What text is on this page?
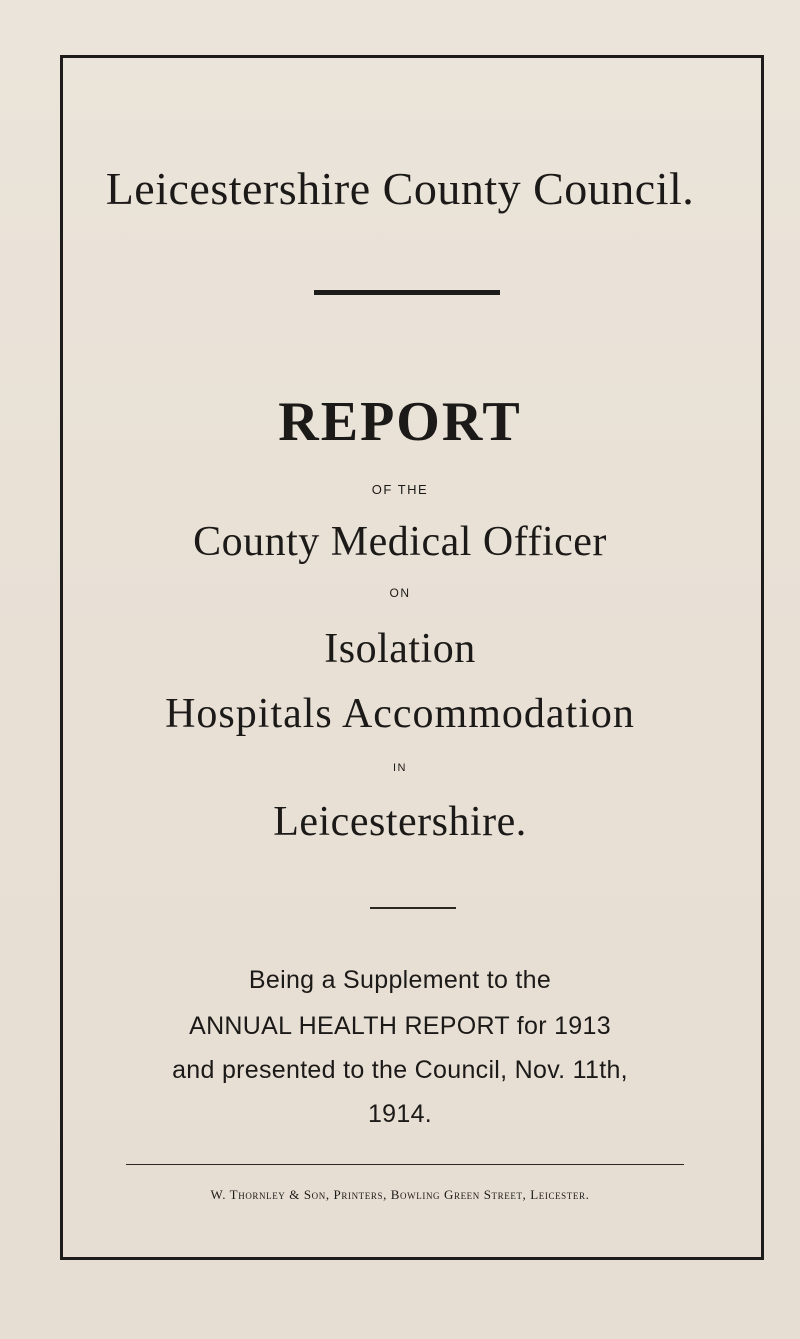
Leicestershire County Council.
REPORT
OF THE
County Medical Officer
ON
Isolation
Hospitals Accommodation
IN
Leicestershire.
Being a Supplement to the
ANNUAL HEALTH REPORT for 1913
and presented to the Council, Nov. 11th,
1914.
W. Thornley & Son, Printers, Bowling Green Street, Leicester.
